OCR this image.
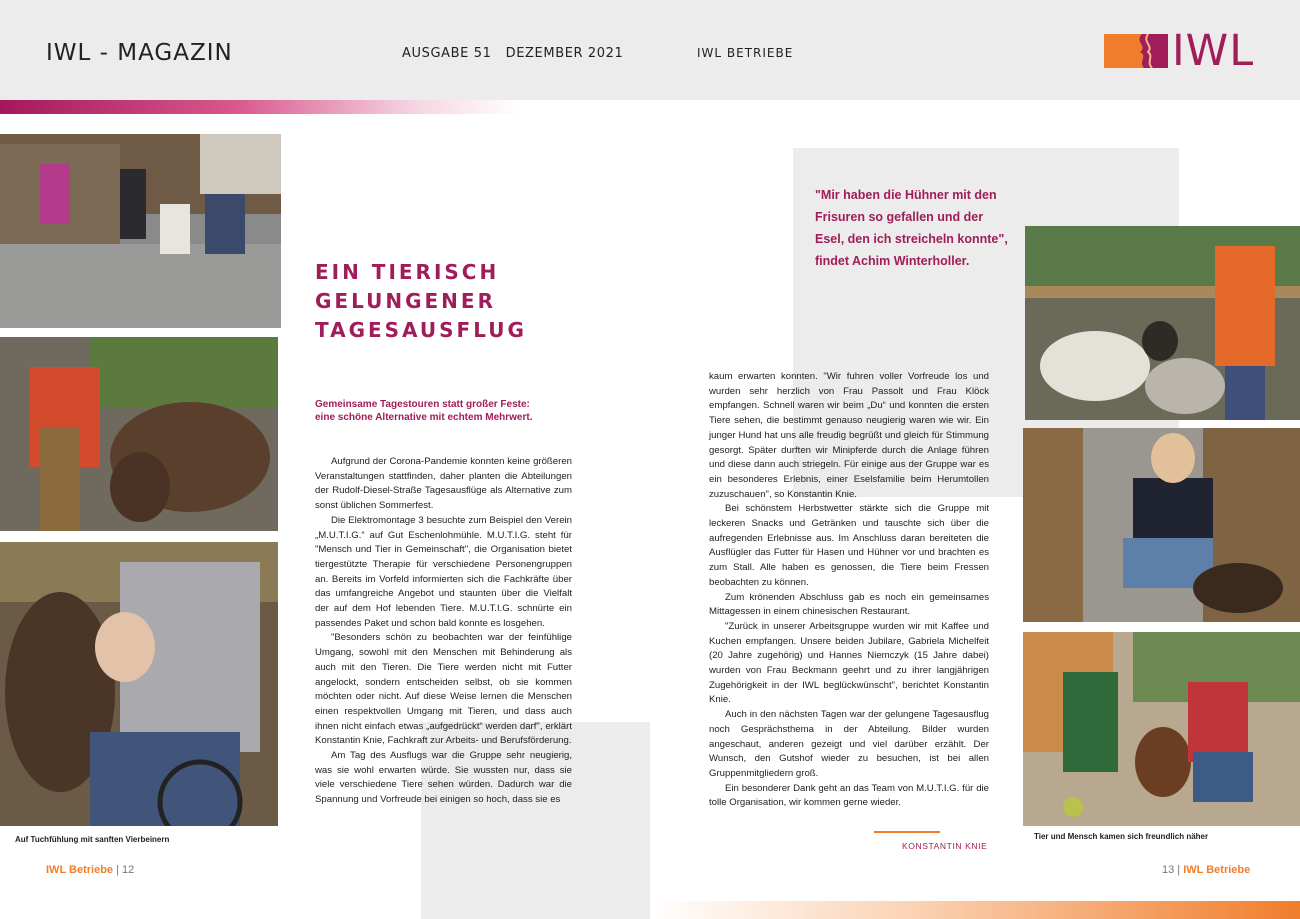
IWL - MAGAZIN	AUSGABE 51   DEZEMBER 2021	IWL BETRIEBE	IWL
Auf Tuchfühlung mit sanften Vierbeinern
EIN TIERISCH
GELUNGENER
TAGESAUSFLUG
Gemeinsame Tagestouren statt großer Feste:
eine schöne Alternative mit echtem Mehrwert.

Aufgrund der Corona-Pandemie konnten keine größeren Veranstaltungen stattfinden, daher planten die Abteilungen der Rudolf-Diesel-Straße Tagesausflüge als Alternative zum sonst üblichen Sommerfest.

Die Elektromontage 3 besuchte zum Beispiel den Verein „M.U.T.I.G.“ auf Gut Eschenlohmühle. M.U.T.I.G. steht für "Mensch und Tier in Gemeinschaft", die Organisation bietet tiergestützte Therapie für verschiedene Personengruppen an. Bereits im Vorfeld informierten sich die Fachkräfte über das umfangreiche Angebot und staunten über die Vielfalt der auf dem Hof lebenden Tiere. M.U.T.I.G. schnürte ein passendes Paket und schon bald konnte es losgehen.

"Besonders schön zu beobachten war der feinfühlige Umgang, sowohl mit den Menschen mit Behinderung als auch mit den Tieren. Die Tiere werden nicht mit Futter angelockt, sondern entscheiden selbst, ob sie kommen möchten oder nicht. Auf diese Weise lernen die Menschen einen respektvollen Umgang mit Tieren, und dass auch ihnen nicht einfach etwas „aufgedrückt“ werden darf", erklärt Konstantin Knie, Fachkraft zur Arbeits- und Berufsförderung.

Am Tag des Ausflugs war die Gruppe sehr neugierig, was sie wohl erwarten würde. Sie wussten nur, dass sie viele verschiedene Tiere sehen würden. Dadurch war die Spannung und Vorfreude bei einigen so hoch, dass sie es

"Mir haben die Hühner mit den Frisuren so gefallen und der Esel, den ich streicheln konnte", findet Achim Winterholler.

kaum erwarten konnten. "Wir fuhren voller Vorfreude los und wurden sehr herzlich von Frau Passolt und Frau Klöck empfangen. Schnell waren wir beim „Du“ und konnten die ersten Tiere sehen, die bestimmt genauso neugierig waren wie wir. Ein junger Hund hat uns alle freudig begrüßt und gleich für Stimmung gesorgt. Später durften wir Minipferde durch die Anlage führen und diese dann auch striegeln. Für einige aus der Gruppe war es ein besonderes Erlebnis, einer Eselsfamilie beim Herumtollen zuzuschauen", so Konstantin Knie.

Bei schönstem Herbstwetter stärkte sich die Gruppe mit leckeren Snacks und Getränken und tauschte sich über die aufregenden Erlebnisse aus. Im Anschluss daran bereiteten die Ausflügler das Futter für Hasen und Hühner vor und brachten es zum Stall. Alle haben es genossen, die Tiere beim Fressen beobachten zu können.

Zum krönenden Abschluss gab es noch ein gemeinsames Mittagessen in einem chinesischen Restaurant.

"Zurück in unserer Arbeitsgruppe wurden wir mit Kaffee und Kuchen empfangen. Unsere beiden Jubilare, Gabriela Michelfeit (20 Jahre zugehörig) und Hannes Niemczyk (15 Jahre dabei) wurden von Frau Beckmann geehrt und zu ihrer langjährigen Zugehörigkeit in der IWL beglückwünscht", berichtet Konstantin Knie.

Auch in den nächsten Tagen war der gelungene Tagesausflug noch Gesprächsthema in der Abteilung. Bilder wurden angeschaut, anderen gezeigt und viel darüber erzählt. Der Wunsch, den Gutshof wieder zu besuchen, ist bei allen Gruppenmitgliedern groß.

Ein besonderer Dank geht an das Team von M.U.T.I.G. für die tolle Organisation, wir kommen gerne wieder.

KONSTANTIN KNIE
Tier und Mensch kamen sich freundlich näher
IWL Betriebe | 12	13 | IWL Betriebe
